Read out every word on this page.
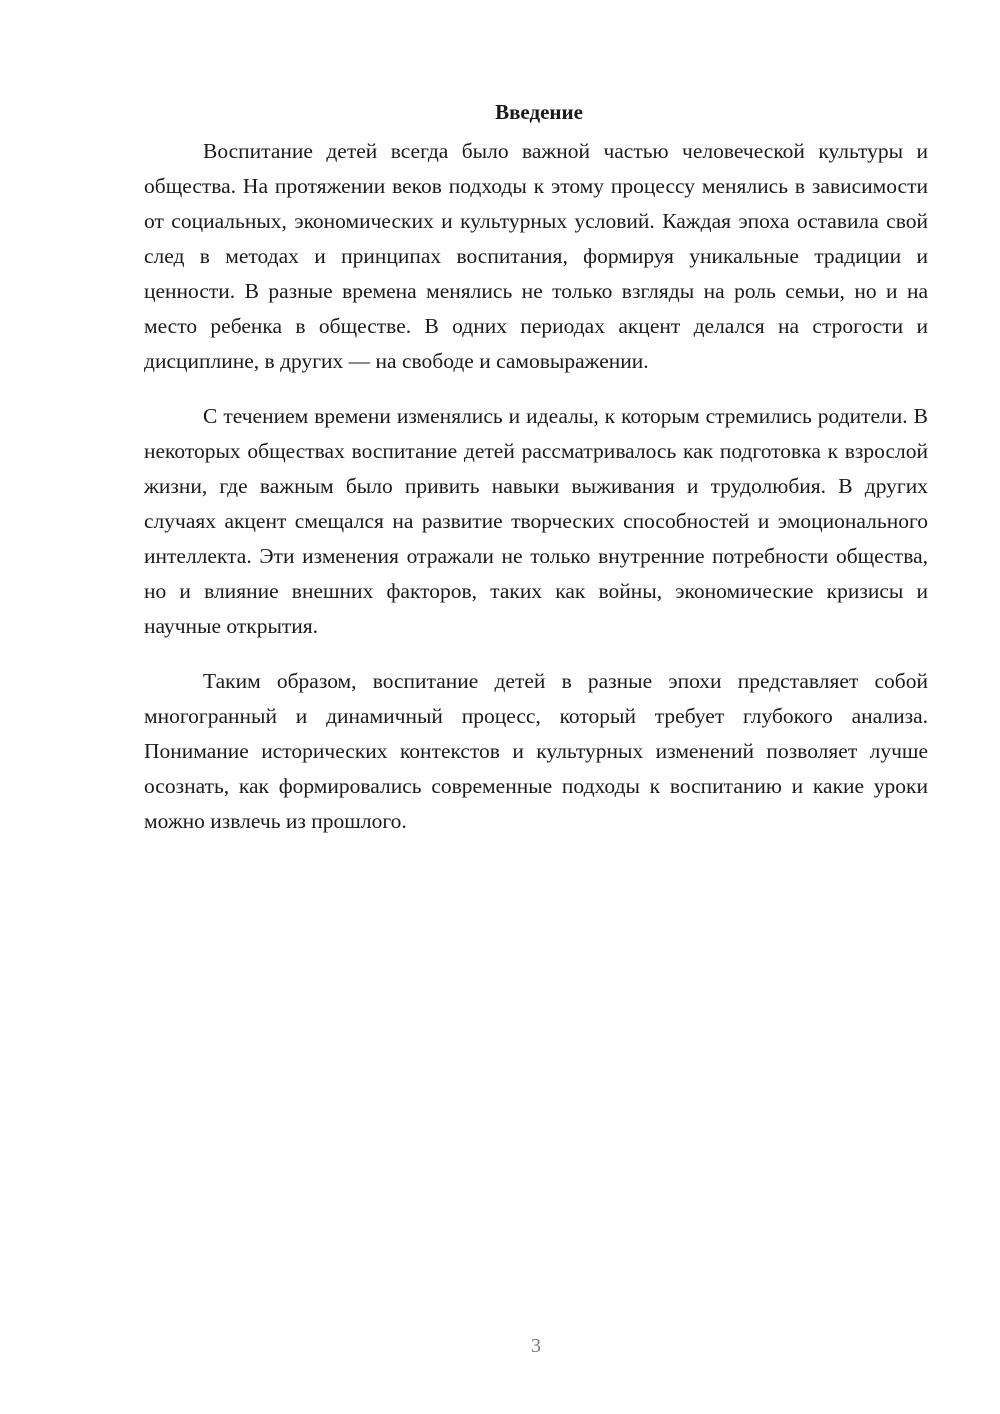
Введение

Воспитание детей всегда было важной частью человеческой культуры и общества. На протяжении веков подходы к этому процессу менялись в зависимости от социальных, экономических и культурных условий. Каждая эпоха оставила свой след в методах и принципах воспитания, формируя уникальные традиции и ценности. В разные времена менялись не только взгляды на роль семьи, но и на место ребенка в обществе. В одних периодах акцент делался на строгости и дисциплине, в других — на свободе и самовыражении.

С течением времени изменялись и идеалы, к которым стремились родители. В некоторых обществах воспитание детей рассматривалось как подготовка к взрослой жизни, где важным было привить навыки выживания и трудолюбия. В других случаях акцент смещался на развитие творческих способностей и эмоционального интеллекта. Эти изменения отражали не только внутренние потребности общества, но и влияние внешних факторов, таких как войны, экономические кризисы и научные открытия.

Таким образом, воспитание детей в разные эпохи представляет собой многогранный и динамичный процесс, который требует глубокого анализа. Понимание исторических контекстов и культурных изменений позволяет лучше осознать, как формировались современные подходы к воспитанию и какие уроки можно извлечь из прошлого.

3
